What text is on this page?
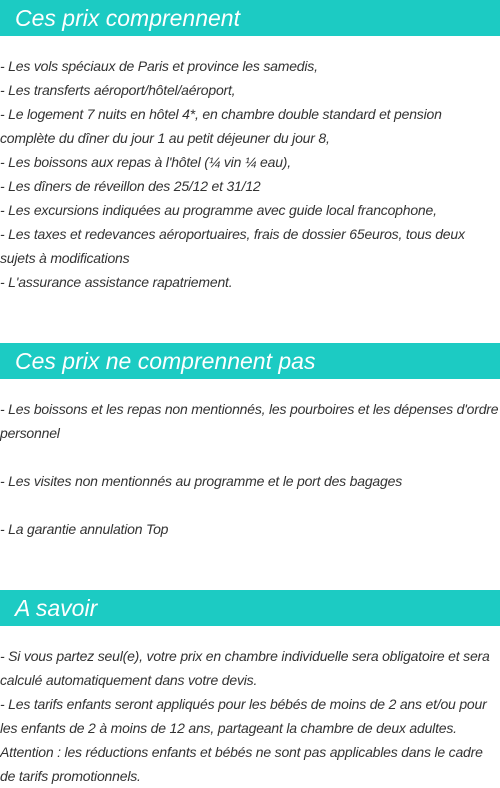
Ces prix comprennent

- Les vols spéciaux de Paris et province les samedis,

- Les transferts aéroport/hôtel/aéroport,

- Le logement 7 nuits en hôtel 4*, en chambre double standard et pension complète du dîner du jour 1 au petit déjeuner du jour 8,

- Les boissons aux repas à l'hôtel (¼ vin ¼ eau),

- Les dîners de réveillon des 25/12 et 31/12

- Les excursions indiquées au programme avec guide local francophone,

- Les taxes et redevances aéroportuaires, frais de dossier 65euros, tous deux sujets à modifications

- L'assurance assistance rapatriement.

Ces prix ne comprennent pas

- Les boissons et les repas non mentionnés, les pourboires et les dépenses d'ordre personnel

- Les visites non mentionnés au programme et le port des bagages

- La garantie annulation Top

A savoir

- Si vous partez seul(e), votre prix en chambre individuelle sera obligatoire et sera calculé automatiquement dans votre devis.

- Les tarifs enfants seront appliqués pour les bébés de moins de 2 ans et/ou pour les enfants de 2 à moins de 12 ans, partageant la chambre de deux adultes.

Attention : les réductions enfants et bébés ne sont pas applicables dans le cadre de tarifs promotionnels.
